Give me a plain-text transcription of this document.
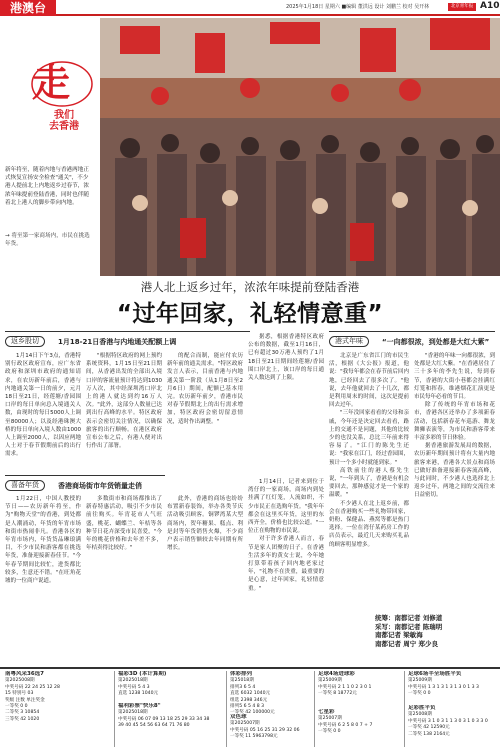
港澳台	2025年1月18日 星期六 ■编辑 董洪远 设计 刘鹏兰 校对 吴开林	北京青年报 A10
走
我们
去香港
新年将至，随着内地与香港两地正式恢复宣扬安全检查"通关"，不少港人提前北上内地返乡过春节，浓浓年味提前登陆香港，同时也伴随着北上港人的脚步带向内地。
→ 将至第一家商场内，市民在挑选年货。
港人北上返乡过年，浓浓年味提前登陆香港
“过年回家，礼轻情意重”
返乡股切	1月18-21日香港与内地通关配额上调

1月14日下午3点，香港特别行政区政府宣布，应广东省政府和深圳市政府的通知请求，在农历新年前后，香港与内地通关第一日的前夕，元月18日至21日，经莲塘/香园围口岸的每日单向总入境通关人数，由现时的每日5000人上调至80000人；以及经港珠澳大桥的每日单向入境人数由1000人上调至2000人，以因应两地人士对于春节假期前后的出行需求。

"根据特区政府的网上预约系统资料，1月15日至21日期间，从香港出发的全部出入境口岸的客流量预计将达到1030万人次，其中经深圳湾口岸北上的港人就达到约16万人次。"此外，这部分人数量已达到出行高峰的水平。特区政府表示会密切关注情况，以确保旅客的出行顺畅。在港区政府宣布公布之后，有港人便对出行作出了部署。

的配合而制，能应付农历新年前的通关需求。"特区政府发言人表示，目前香港与内地通关第一阶段（从1月8日至2月6日）期间，配额已基本用完。农历新年前夕，香港市民对春节假期北上的出行需求增加，特区政府会密切留意情况，适时作出调整。"

喜备年货	香港商场街市年货销量走俏

1月22日，中国人教授的节日——农历新年将至，作为"购物天堂"的香港，到处都是人潮涌动，年货的年宵市场和街市热闹非凡。香港各区的年宵市场内，年货货品琳琅满目，不少市民和游客都在挑选年货，准备迎接新春佳节。"今年春节期间比较忙，进货都比较多，生意还不错。"在旺角花墟的一位商户说道。

多数街市和商场都推出了新春特惠活动，吸引不少市民前往购买。年宵花市人气旺盛，桃花、蝴蝶兰、年桔等各种节日花卉深受市民喜爱，"今年的桃花价格和去年差不多，年桔卖得比较好。"

此外，香港的商场也纷纷布置新春装饰，举办各类节庆活动吸引顾客。铜锣湾某大型商场内，贺年糖果、糕点、利是封等年货销售火爆，不少商户表示销售额较去年同期有所增长。

据悉，根据香港特区政府公布的数据，截至1月16日，已有超过30万港人预约了1月18日至21日期间经莲塘/香园围口岸北上，该口岸的每日通关人数达到了上限。

1月14日，记者来到位于湾仔的一家商场，商场内到处挂满了红灯笼，人流如织，不少市民正在选购年货。"我年年都会在这里买年货，这里的东西齐全，价格也比较公道。"一位正在购物的市民说。

对于许多香港人而言，春节是家人团聚的日子。在香港生活多年的黄女士说，今年她打算带着孩子回内地老家过年，"礼物不在贵重，最重要的是心意，过年回家，礼轻情意重。"

港式年味	“一向都很浓，到处都是大红大紫”

北京是广东省江门的市民生活，根据《大公报》报道，他说："我每年都会在春节前后回内地，已经回去了很多次了。"他说，去年他就回去了十几次，都是利用周末的时间，这次是提前回去过年。

"三年没回家看看的父母和亲戚，今年还是决定回去看看，路上的交通不是问题，其他的比较少的也没关系，总比三年前来得容易了。"江门的陈先生还说："我家在江门，经过香园围，预计一个多小时就能到家。"

高铁前往的港人蔡先生说，"一年到头了，香港是有机会要回去，那种感觉才是一个家的温暖。"

不少港人在北上返乡前，都会在香港购买一些礼物带回家，奶粉、保健品、燕窝等都是热门选择。一位在湾仔某药房工作的店员表示，最近几天来购买礼品的顾客明显增多。

"香港的年味一向都很浓，到处都是大红大紫。"在香港居住了三十多年的李先生说，每到春节，香港的大街小巷都会挂满红灯笼和挥春，维港烟花汇演更是市民每年必看的节目。

除了传统的年宵市场和花市，香港各区还举办了多项新春活动，包括新春花车巡游、舞龙舞狮表演等，为市民和游客带来丰富多彩的节日体验。

据香港旅游发展局的数据，农历新年期间预计将有大量内地旅客来港，香港各大景点和商场已做好准备迎接新春客流高峰，与此同时，不少港人也选择北上返乡过年，两地之间的交流往来日益密切。

统筹：南都记者 刘修道
采写：南都记者 陈瑞明
南都记者 梁敏海
南都记者 周宁 郑少良
南粤风采36选7
第2025008期
中奖号码 22 24 25 12 28 15 特别号 03
奖级 注数 单注奖金
一等奖 0 0
二等奖 3 10854
三等奖 42 1020
福彩3D (本计算期)
第2025018期
中奖号码 5 4 3
直选 1238 1040元
福利彩票"快乐8"
第2025018期
中奖号码 06 07 09 13 18 25 29 33 34 38
39 40 45 54 56 63 64 71 76 80
体彩排列
第25018期
排列3 6 5 4
直选 6032 1040元
组选 2398 346元
排列5 6 5 4 8 3
一等奖 42 100000元
双色球
第2025007期
中奖号码 05 16 25 31 29 32 06
一等奖 11 5963798元
足球4场进球彩
第25009期
中奖号码 2 1 1 0 2 3 0 1
一等奖 8 18772元
七星彩
第25007期
中奖号码 6 2 5 8 0 7 + 7
一等奖 0 0
足球6场半全场胜平负
第25009期
中奖号码 1 3 1 3 1 3 1 3 0 1 3 3
一等奖 0 0
足彩胜平负
第25008期
中奖号码 3 1 0 3 1 1 3 0 3 1 0 3 3 0
一等奖 42 12590元
二等奖 138 2164元
